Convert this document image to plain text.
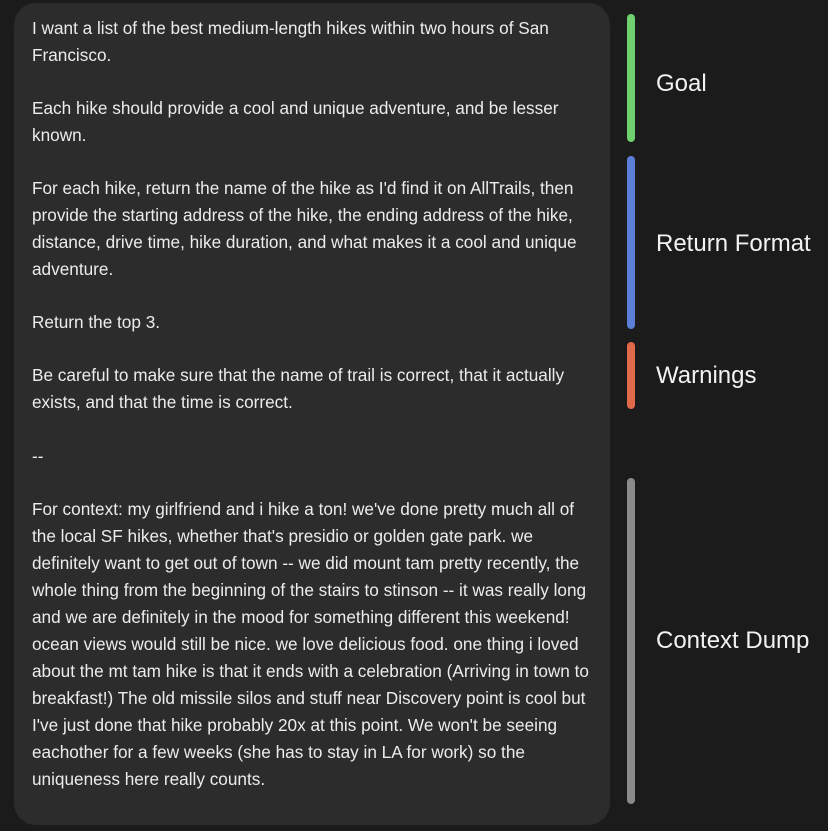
I want a list of the best medium-length hikes within two hours of San Francisco.

Each hike should provide a cool and unique adventure, and be lesser known.

For each hike, return the name of the hike as I'd find it on AllTrails, then provide the starting address of the hike, the ending address of the hike, distance, drive time, hike duration, and what makes it a cool and unique adventure.

Return the top 3.

Be careful to make sure that the name of trail is correct, that it actually exists, and that the time is correct.

--

For context: my girlfriend and i hike a ton! we've done pretty much all of the local SF hikes, whether that's presidio or golden gate park. we definitely want to get out of town -- we did mount tam pretty recently, the whole thing from the beginning of the stairs to stinson -- it was really long and we are definitely in the mood for something different this weekend! ocean views would still be nice. we love delicious food. one thing i loved about the mt tam hike is that it ends with a celebration (Arriving in town to breakfast!) The old missile silos and stuff near Discovery point is cool but I've just done that hike probably 20x at this point. We won't be seeing eachother for a few weeks (she has to stay in LA for work) so the uniqueness here really counts.

Goal
Return Format
Warnings
Context Dump
